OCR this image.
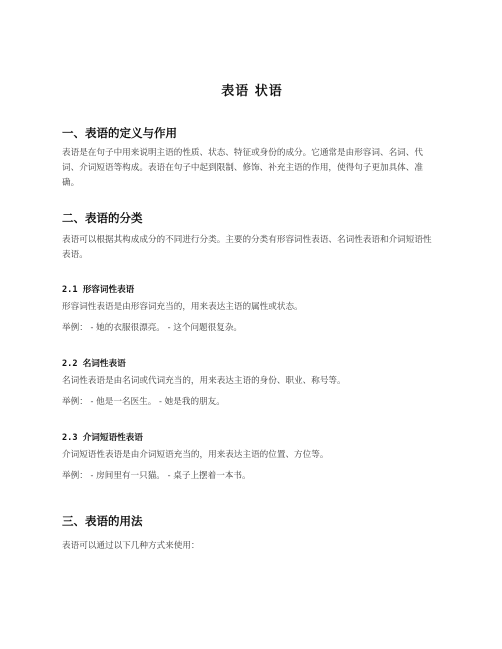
表语 状语
一、表语的定义与作用
表语是在句子中用来说明主语的性质、状态、特征或身份的成分。它通常是由形容词、名词、代词、介词短语等构成。表语在句子中起到限制、修饰、补充主语的作用，使得句子更加具体、准确。
二、表语的分类
表语可以根据其构成成分的不同进行分类。主要的分类有形容词性表语、名词性表语和介词短语性表语。
2.1 形容词性表语
形容词性表语是由形容词充当的，用来表达主语的属性或状态。
举例： - 她的衣服很漂亮。 - 这个问题很复杂。
2.2 名词性表语
名词性表语是由名词或代词充当的，用来表达主语的身份、职业、称号等。
举例： - 他是一名医生。 - 她是我的朋友。
2.3 介词短语性表语
介词短语性表语是由介词短语充当的，用来表达主语的位置、方位等。
举例： - 房间里有一只猫。 - 桌子上摆着一本书。
三、表语的用法
表语可以通过以下几种方式来使用：
